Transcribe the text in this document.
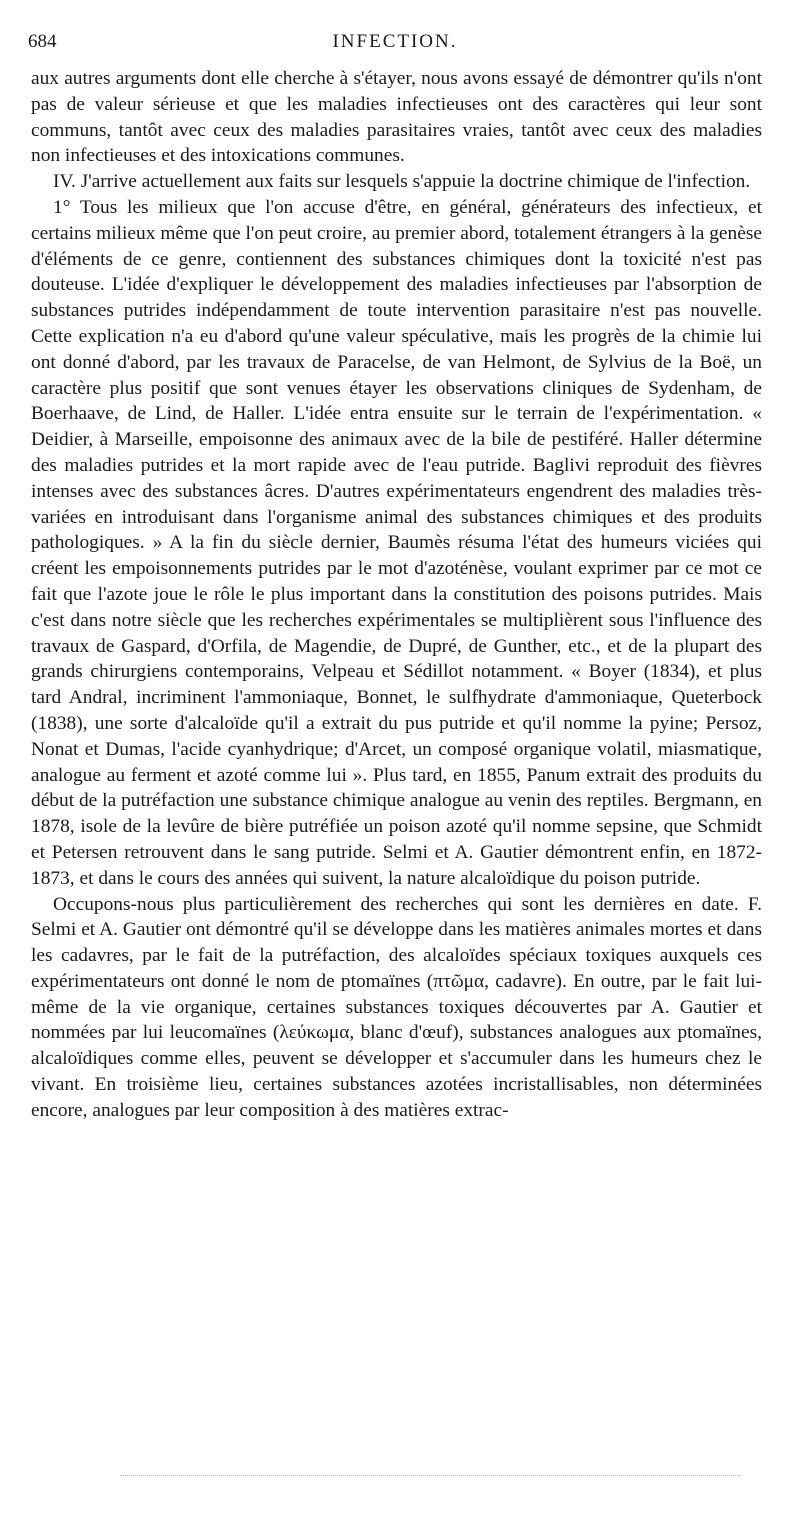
684	INFECTION.

aux autres arguments dont elle cherche à s'étayer, nous avons essayé de démontrer qu'ils n'ont pas de valeur sérieuse et que les maladies infectieuses ont des caractères qui leur sont communs, tantôt avec ceux des maladies parasitaires vraies, tantôt avec ceux des maladies non infectieuses et des intoxications communes.

IV. J'arrive actuellement aux faits sur lesquels s'appuie la doctrine chimique de l'infection.

1° Tous les milieux que l'on accuse d'être, en général, générateurs des infectieux, et certains milieux même que l'on peut croire, au premier abord, totalement étrangers à la genèse d'éléments de ce genre, contiennent des substances chimiques dont la toxicité n'est pas douteuse. L'idée d'expliquer le développement des maladies infectieuses par l'absorption de substances putrides indépendamment de toute intervention parasitaire n'est pas nouvelle. Cette explication n'a eu d'abord qu'une valeur spéculative, mais les progrès de la chimie lui ont donné d'abord, par les travaux de Paracelse, de van Helmont, de Sylvius de la Boë, un caractère plus positif que sont venues étayer les observations cliniques de Sydenham, de Boerhaave, de Lind, de Haller. L'idée entra ensuite sur le terrain de l'expérimentation. « Deidier, à Marseille, empoisonne des animaux avec de la bile de pestiféré. Haller détermine des maladies putrides et la mort rapide avec de l'eau putride. Baglivi reproduit des fièvres intenses avec des substances âcres. D'autres expérimentateurs engendrent des maladies très-variées en introduisant dans l'organisme animal des substances chimiques et des produits pathologiques. » A la fin du siècle dernier, Baumès résuma l'état des humeurs viciées qui créent les empoisonnements putrides par le mot d'azoténèse, voulant exprimer par ce mot ce fait que l'azote joue le rôle le plus important dans la constitution des poisons putrides. Mais c'est dans notre siècle que les recherches expérimentales se multiplièrent sous l'influence des travaux de Gaspard, d'Orfila, de Magendie, de Dupré, de Gunther, etc., et de la plupart des grands chirurgiens contemporains, Velpeau et Sédillot notamment. « Boyer (1834), et plus tard Andral, incriminent l'ammoniaque, Bonnet, le sulfhydrate d'ammoniaque, Queterbock (1838), une sorte d'alcaloïde qu'il a extrait du pus putride et qu'il nomme la pyine; Persoz, Nonat et Dumas, l'acide cyanhydrique; d'Arcet, un composé organique volatil, miasmatique, analogue au ferment et azoté comme lui ». Plus tard, en 1855, Panum extrait des produits du début de la putréfaction une substance chimique analogue au venin des reptiles. Bergmann, en 1878, isole de la levûre de bière putréfiée un poison azoté qu'il nomme sepsine, que Schmidt et Petersen retrouvent dans le sang putride. Selmi et A. Gautier démontrent enfin, en 1872-1873, et dans le cours des années qui suivent, la nature alcaloïdique du poison putride.

Occupons-nous plus particulièrement des recherches qui sont les dernières en date. F. Selmi et A. Gautier ont démontré qu'il se développe dans les matières animales mortes et dans les cadavres, par le fait de la putréfaction, des alcaloïdes spéciaux toxiques auxquels ces expérimentateurs ont donné le nom de ptomaïnes (πτῶμα, cadavre). En outre, par le fait lui-même de la vie organique, certaines substances toxiques découvertes par A. Gautier et nommées par lui leucomaïnes (λεύκωμα, blanc d'œuf), substances analogues aux ptomaïnes, alcaloïdiques comme elles, peuvent se développer et s'accumuler dans les humeurs chez le vivant. En troisième lieu, certaines substances azotées incristallisables, non déterminées encore, analogues par leur composition à des matières extrac-
